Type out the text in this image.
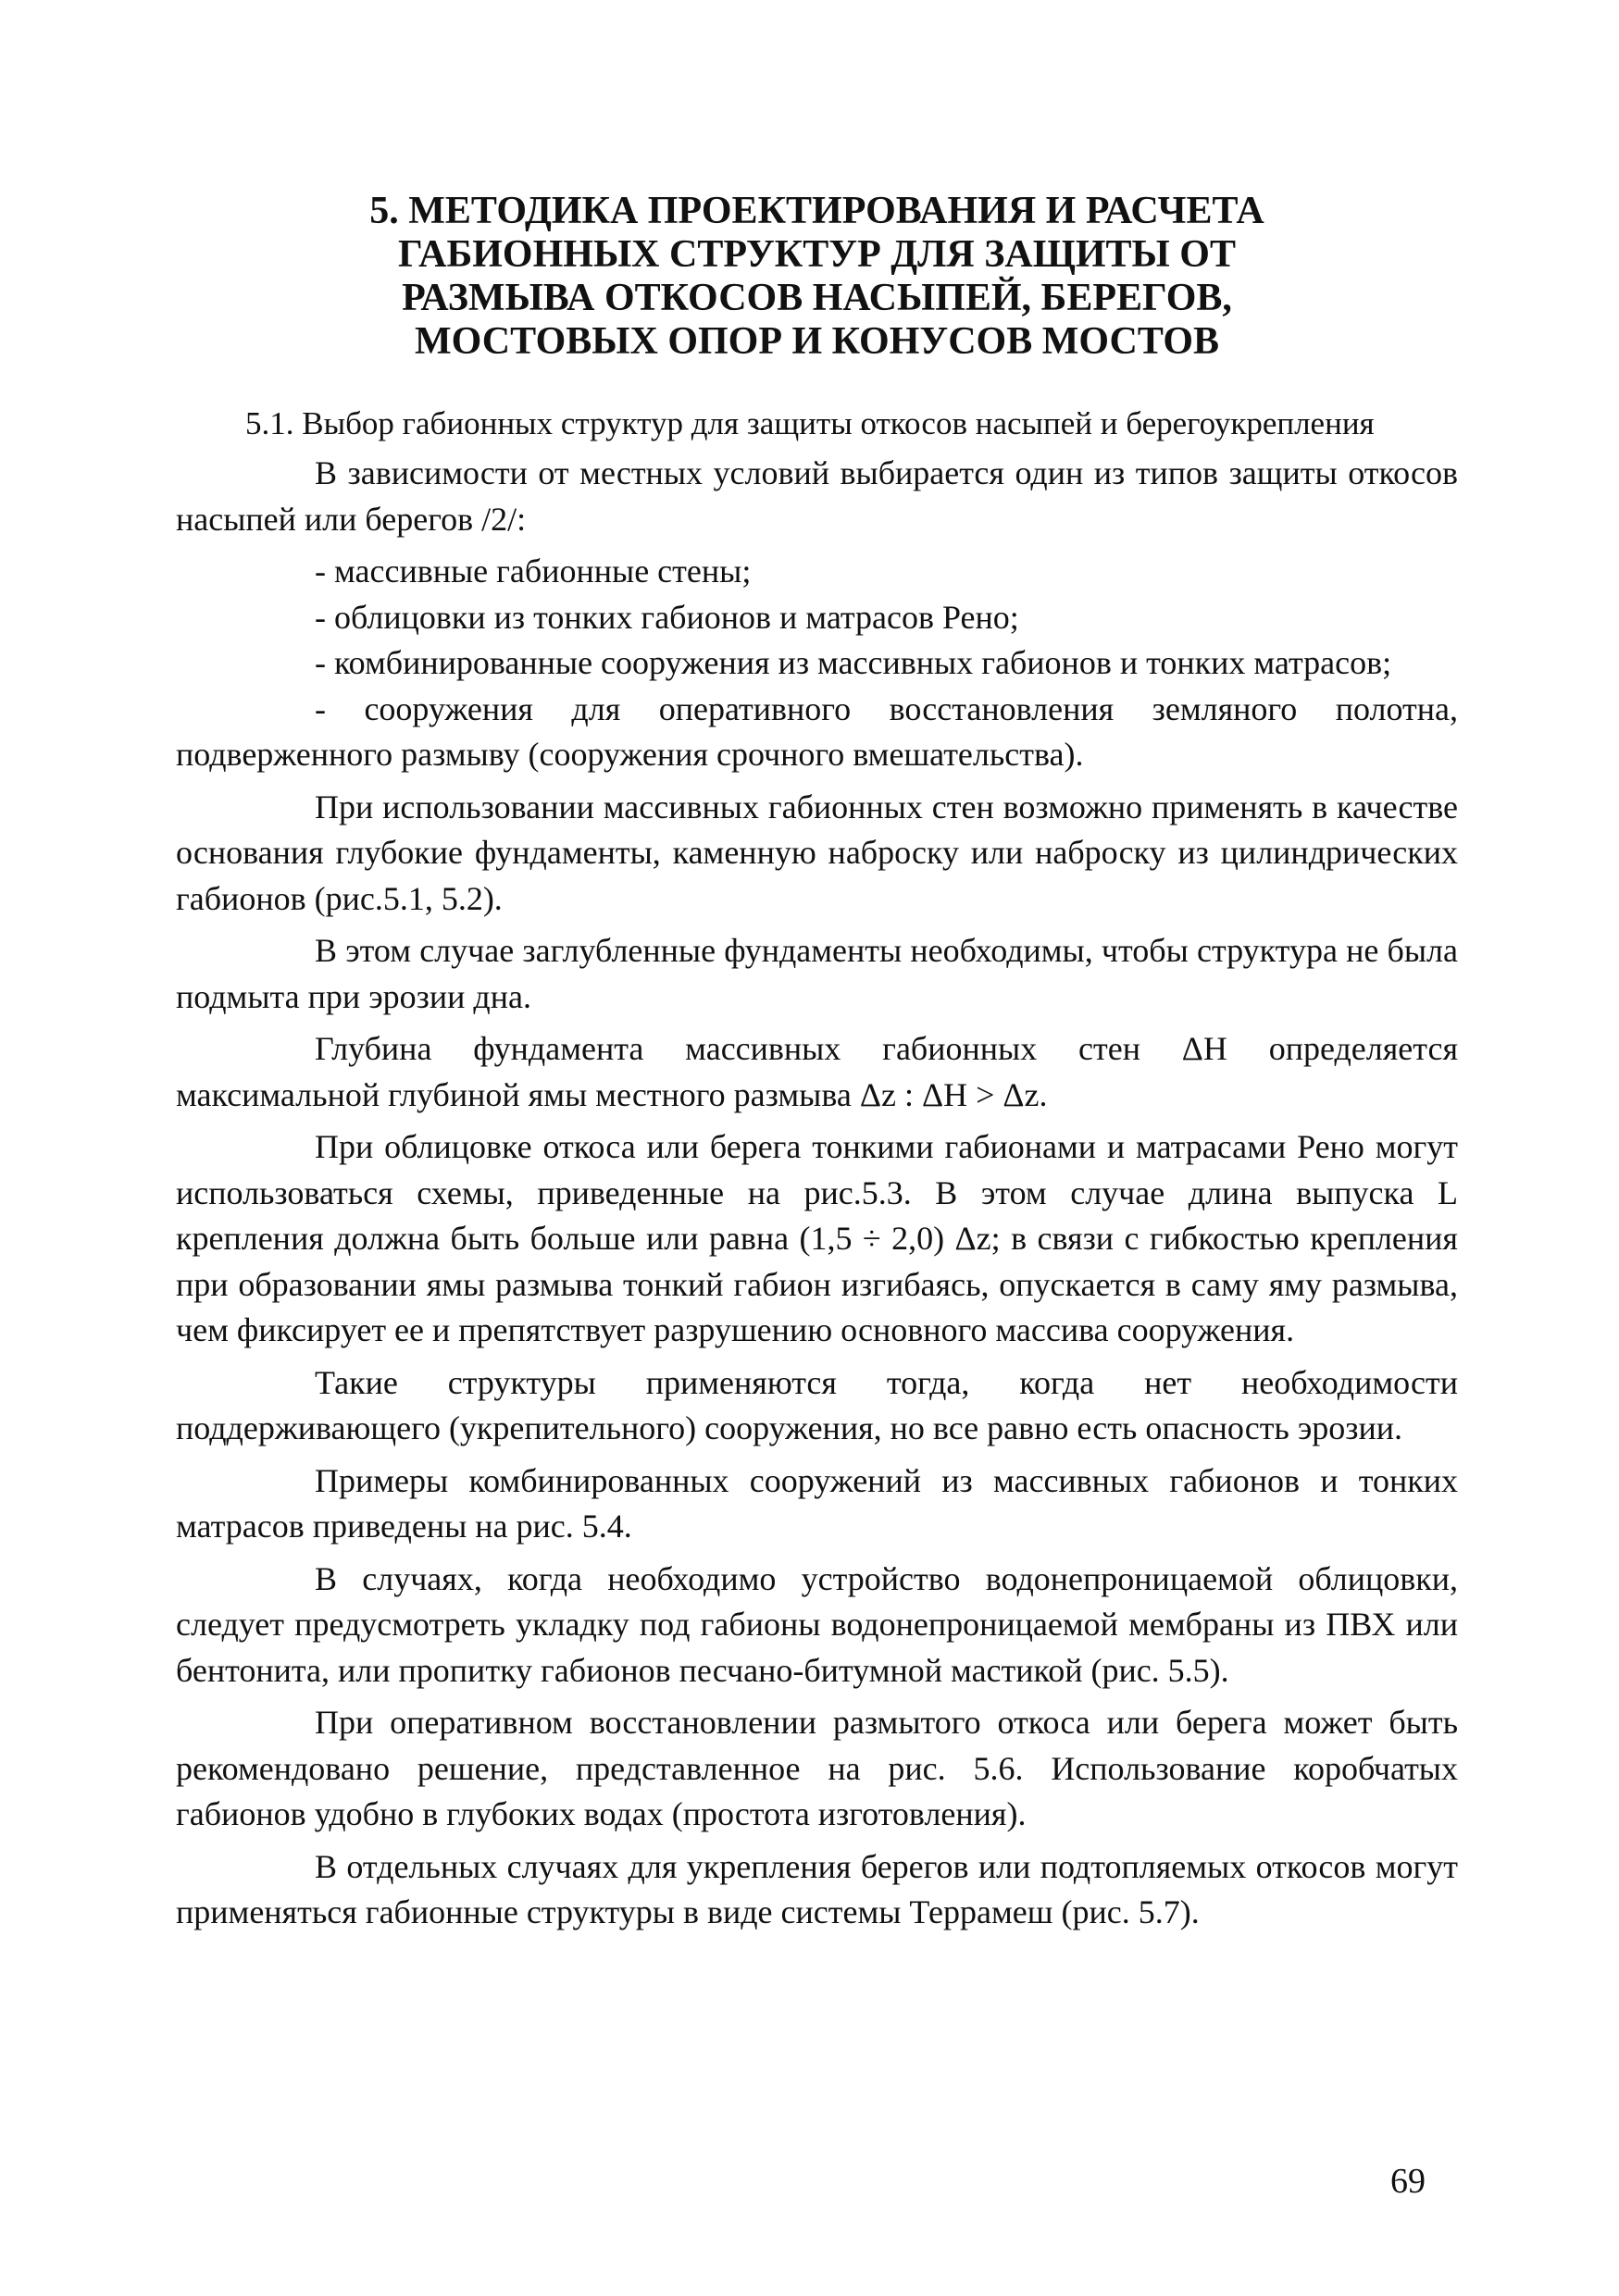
5. МЕТОДИКА ПРОЕКТИРОВАНИЯ И РАСЧЕТА
ГАБИОННЫХ СТРУКТУР ДЛЯ ЗАЩИТЫ ОТ
РАЗМЫВА ОТКОСОВ НАСЫПЕЙ, БЕРЕГОВ,
МОСТОВЫХ ОПОР И КОНУСОВ МОСТОВ

5.1. Выбор габионных структур для защиты откосов насыпей и берегоукрепления

В зависимости от местных условий выбирается один из типов защиты откосов насыпей или берегов /2/:

- массивные габионные стены;

- облицовки из тонких габионов и матрасов Рено;

- комбинированные сооружения из массивных габионов и тонких матрасов;

- сооружения для оперативного восстановления земляного полотна, подверженного размыву (сооружения срочного вмешательства).

При использовании массивных габионных стен возможно применять в качестве основания глубокие фундаменты, каменную наброску или наброску из цилиндрических габионов (рис.5.1, 5.2).

В этом случае заглубленные фундаменты необходимы, чтобы структура не была подмыта при эрозии дна.

Глубина фундамента массивных габионных стен ΔH определяется максимальной глубиной ямы местного размыва Δz : ΔH > Δz.

При облицовке откоса или берега тонкими габионами и матрасами Рено могут использоваться схемы, приведенные на рис.5.3. В этом случае длина выпуска L крепления должна быть больше или равна (1,5 ÷ 2,0) Δz; в связи с гибкостью крепления при образовании ямы размыва тонкий габион изгибаясь, опускается в саму яму размыва, чем фиксирует ее и препятствует разрушению основного массива сооружения.

Такие структуры применяются тогда, когда нет необходимости поддерживающего (укрепительного) сооружения, но все равно есть опасность эрозии.

Примеры комбинированных сооружений из массивных габионов и тонких матрасов приведены на рис. 5.4.

В случаях, когда необходимо устройство водонепроницаемой облицовки, следует предусмотреть укладку под габионы водонепроницаемой мембраны из ПВХ или бентонита, или пропитку габионов песчано-битумной мастикой (рис. 5.5).

При оперативном восстановлении размытого откоса или берега может быть рекомендовано решение, представленное на рис. 5.6. Использование коробчатых габионов удобно в глубоких водах (простота изготовления).

В отдельных случаях для укрепления берегов или подтопляемых откосов могут применяться габионные структуры в виде системы Террамеш (рис. 5.7).

69
